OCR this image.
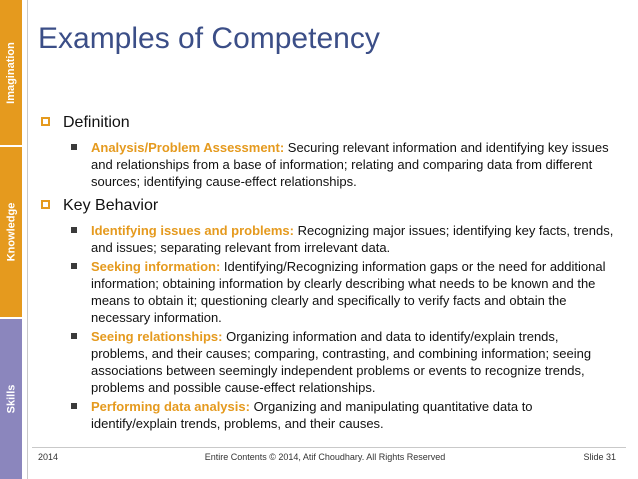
Imagination
Knowledge
Skills
Examples of Competency
Definition
Analysis/Problem Assessment: Securing relevant information and identifying key issues and relationships from a base of information; relating and comparing data from different sources; identifying cause-effect relationships.
Key Behavior
Identifying issues and problems: Recognizing major issues; identifying key facts, trends, and issues; separating relevant from irrelevant data.
Seeking information: Identifying/Recognizing information gaps or the need for additional information; obtaining information by clearly describing what needs to be known and the means to obtain it; questioning clearly and specifically to verify facts and obtain the necessary information.
Seeing relationships: Organizing information and data to identify/explain trends, problems, and their causes; comparing, contrasting, and combining information; seeing associations between seemingly independent problems or events to recognize trends, problems and possible cause-effect relationships.
Performing data analysis: Organizing and manipulating quantitative data to identify/explain trends, problems, and their causes.
2014	Entire Contents © 2014, Atif Choudhary. All Rights Reserved	Slide 31
